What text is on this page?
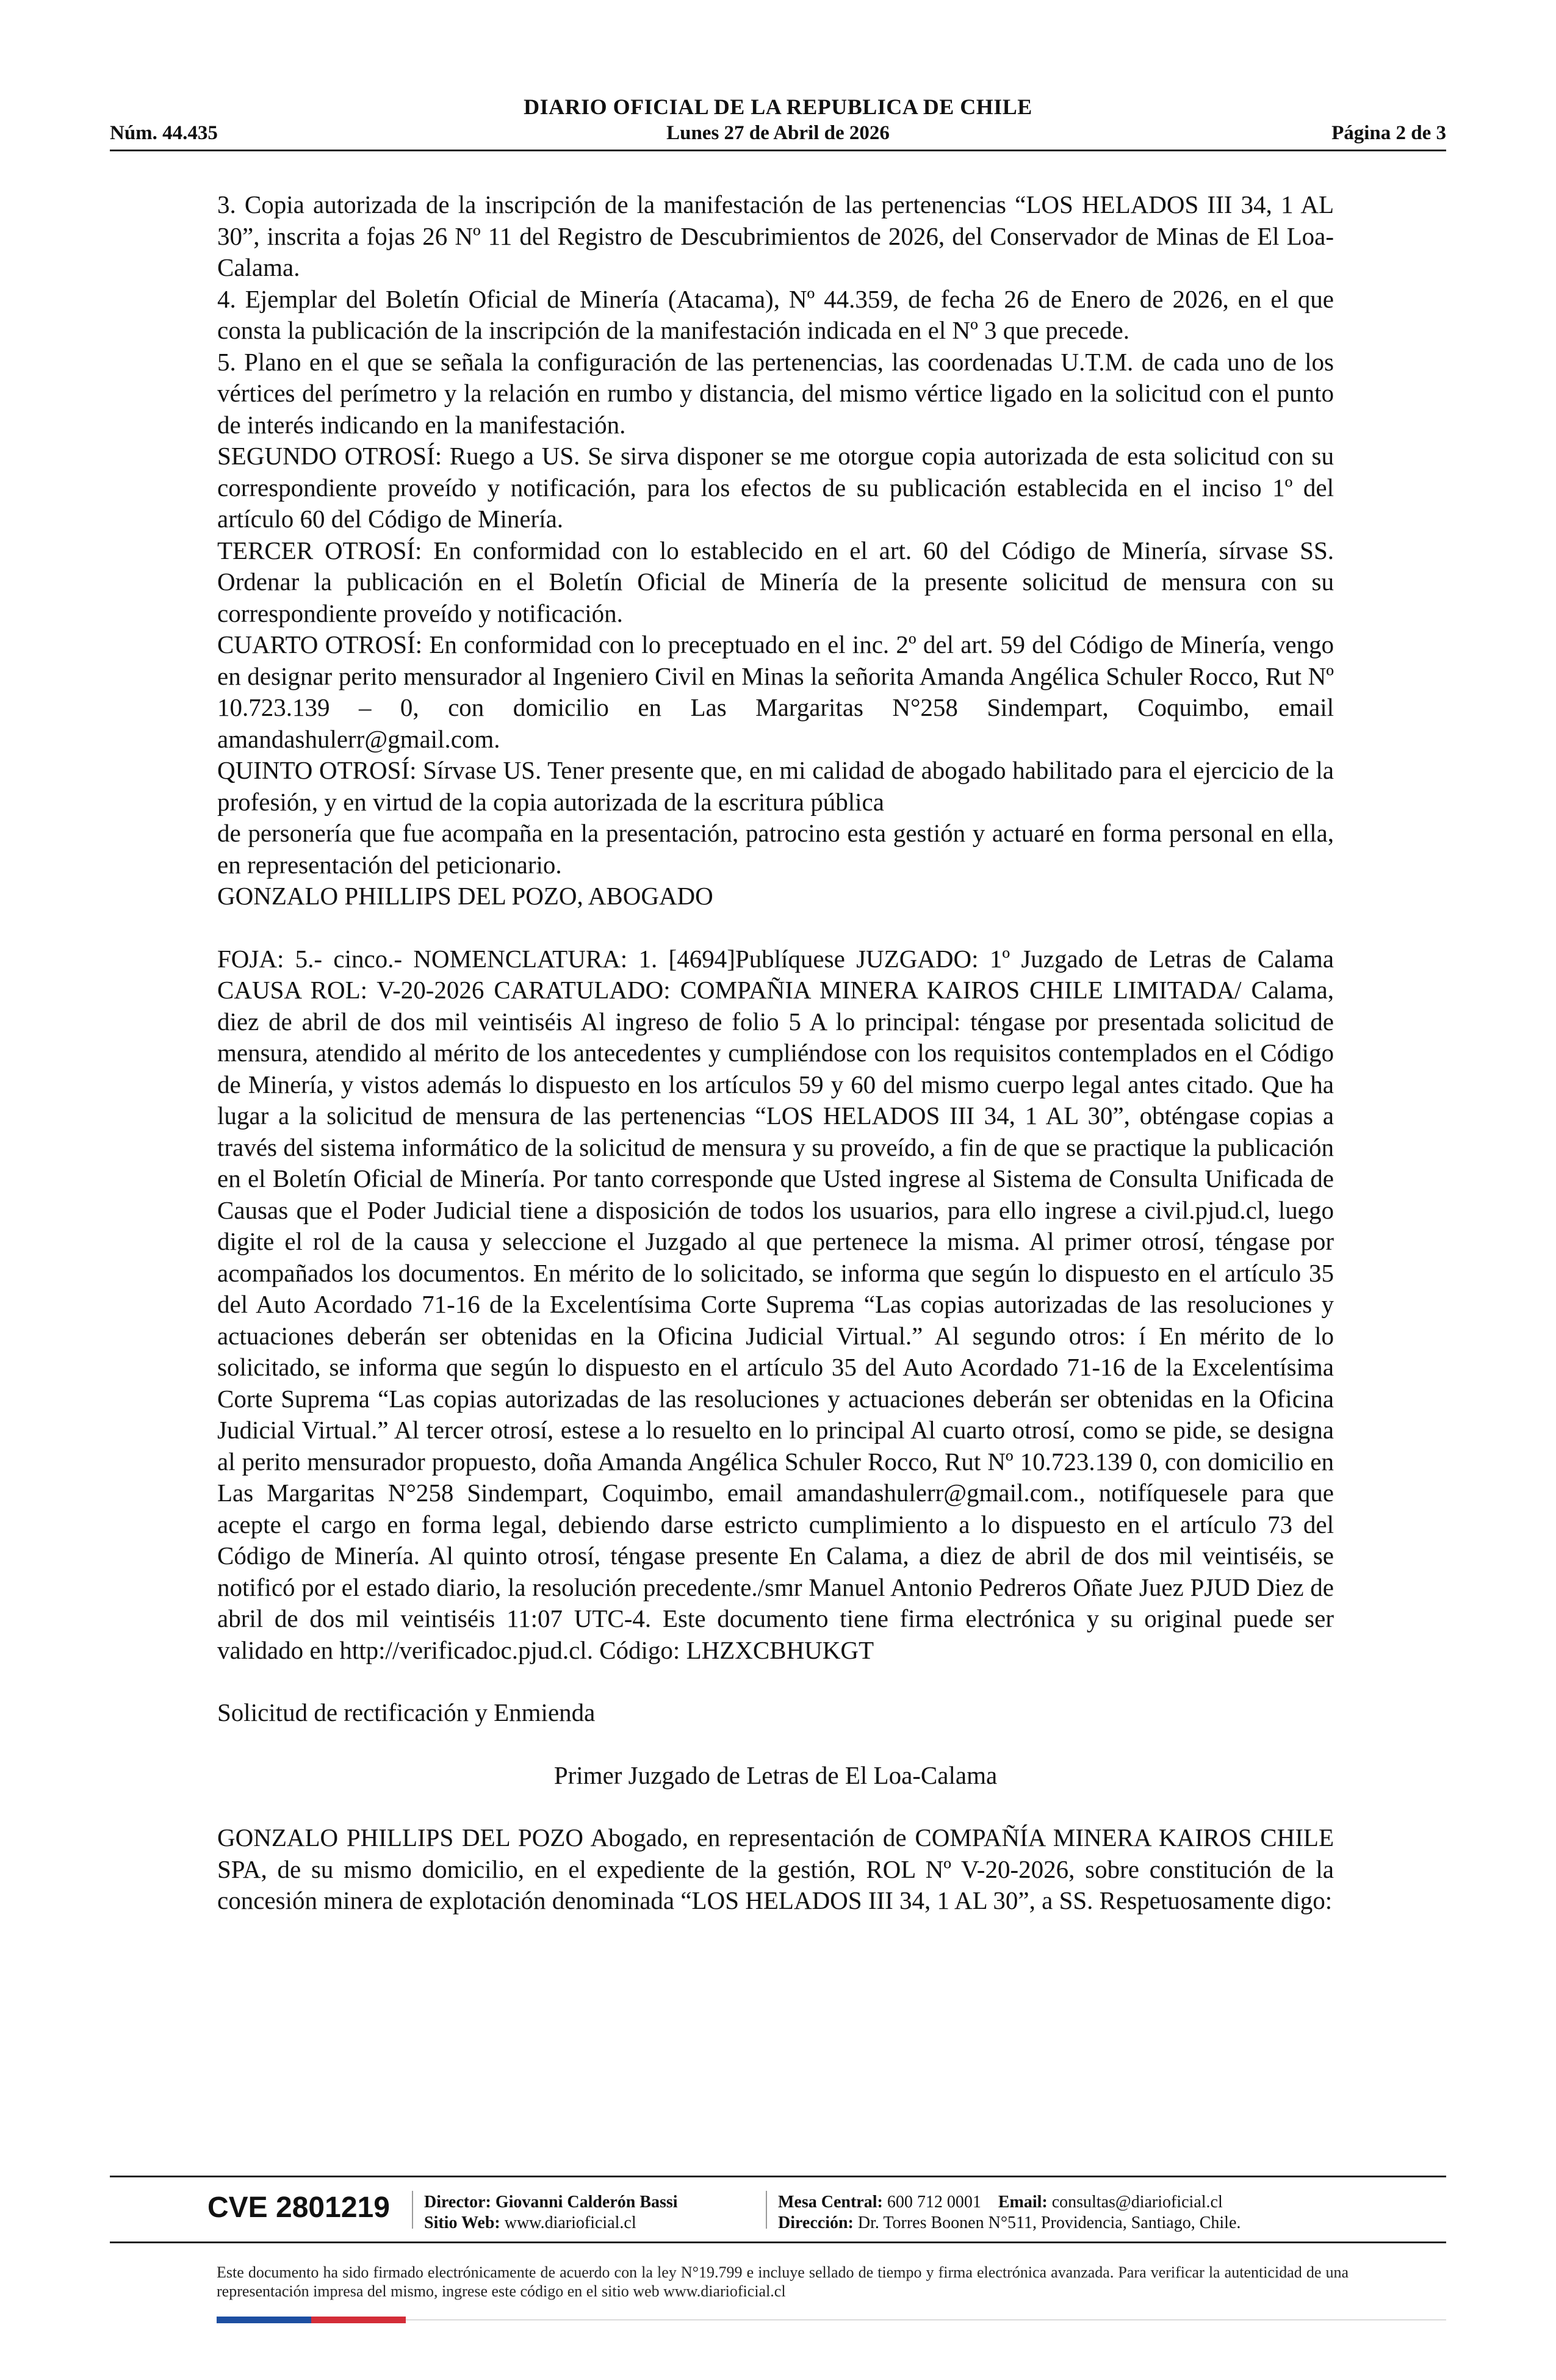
DIARIO OFICIAL DE LA REPUBLICA DE CHILE
Núm. 44.435	Lunes 27 de Abril de 2026	Página 2 de 3

3. Copia autorizada de la inscripción de la manifestación de las pertenencias “LOS HELADOS III 34, 1 AL 30”, inscrita a fojas 26 Nº 11 del Registro de Descubrimientos de 2026, del Conservador de Minas de El Loa-Calama.

4. Ejemplar del Boletín Oficial de Minería (Atacama), Nº 44.359, de fecha 26 de Enero de 2026, en el que consta la publicación de la inscripción de la manifestación indicada en el Nº 3 que precede.

5. Plano en el que se señala la configuración de las pertenencias, las coordenadas U.T.M. de cada uno de los vértices del perímetro y la relación en rumbo y distancia, del mismo vértice ligado en la solicitud con el punto de interés indicando en la manifestación.

SEGUNDO OTROSÍ: Ruego a US. Se sirva disponer se me otorgue copia autorizada de esta solicitud con su correspondiente proveído y notificación, para los efectos de su publicación establecida en el inciso 1º del artículo 60 del Código de Minería.

TERCER OTROSÍ: En conformidad con lo establecido en el art. 60 del Código de Minería, sírvase SS. Ordenar la publicación en el Boletín Oficial de Minería de la presente solicitud de mensura con su correspondiente proveído y notificación.

CUARTO OTROSÍ: En conformidad con lo preceptuado en el inc. 2º del art. 59 del Código de Minería, vengo en designar perito mensurador al Ingeniero Civil en Minas la señorita Amanda Angélica Schuler Rocco, Rut Nº 10.723.139 – 0, con domicilio en Las Margaritas N°258 Sindempart, Coquimbo, email amandashulerr@gmail.com.

QUINTO OTROSÍ: Sírvase US. Tener presente que, en mi calidad de abogado habilitado para el ejercicio de la profesión, y en virtud de la copia autorizada de la escritura pública

de personería que fue acompaña en la presentación, patrocino esta gestión y actuaré en forma personal en ella, en representación del peticionario.

GONZALO PHILLIPS DEL POZO, ABOGADO

FOJA: 5.- cinco.- NOMENCLATURA: 1. [4694]Publíquese JUZGADO: 1º Juzgado de Letras de Calama CAUSA ROL: V-20-2026 CARATULADO: COMPAÑIA MINERA KAIROS CHILE LIMITADA/ Calama, diez de abril de dos mil veintiséis Al ingreso de folio 5 A lo principal: téngase por presentada solicitud de mensura, atendido al mérito de los antecedentes y cumpliéndose con los requisitos contemplados en el Código de Minería, y vistos además lo dispuesto en los artículos 59 y 60 del mismo cuerpo legal antes citado. Que ha lugar a la solicitud de mensura de las pertenencias “LOS HELADOS III 34, 1 AL 30”, obténgase copias a través del sistema informático de la solicitud de mensura y su proveído, a fin de que se practique la publicación en el Boletín Oficial de Minería. Por tanto corresponde que Usted ingrese al Sistema de Consulta Unificada de Causas que el Poder Judicial tiene a disposición de todos los usuarios, para ello ingrese a civil.pjud.cl, luego digite el rol de la causa y seleccione el Juzgado al que pertenece la misma. Al primer otrosí, téngase por acompañados los documentos. En mérito de lo solicitado, se informa que según lo dispuesto en el artículo 35 del Auto Acordado 71-16 de la Excelentísima Corte Suprema “Las copias autorizadas de las resoluciones y actuaciones deberán ser obtenidas en la Oficina Judicial Virtual.” Al segundo otros: í En mérito de lo solicitado, se informa que según lo dispuesto en el artículo 35 del Auto Acordado 71-16 de la Excelentísima Corte Suprema “Las copias autorizadas de las resoluciones y actuaciones deberán ser obtenidas en la Oficina Judicial Virtual.” Al tercer otrosí, estese a lo resuelto en lo principal Al cuarto otrosí, como se pide, se designa al perito mensurador propuesto, doña Amanda Angélica Schuler Rocco, Rut Nº 10.723.139 0, con domicilio en Las Margaritas N°258 Sindempart, Coquimbo, email amandashulerr@gmail.com., notifíquesele para que acepte el cargo en forma legal, debiendo darse estricto cumplimiento a lo dispuesto en el artículo 73 del Código de Minería. Al quinto otrosí, téngase presente En Calama, a diez de abril de dos mil veintiséis, se notificó por el estado diario, la resolución precedente./smr Manuel Antonio Pedreros Oñate Juez PJUD Diez de abril de dos mil veintiséis 11:07 UTC-4. Este documento tiene firma electrónica y su original puede ser validado en http://verificadoc.pjud.cl. Código: LHZXCBHUKGT

Solicitud de rectificación y Enmienda

Primer Juzgado de Letras de El Loa-Calama

GONZALO PHILLIPS DEL POZO Abogado, en representación de COMPAÑÍA MINERA KAIROS CHILE SPA, de su mismo domicilio, en el expediente de la gestión, ROL Nº V-20-2026, sobre constitución de la concesión minera de explotación denominada “LOS HELADOS III 34, 1 AL 30”, a SS. Respetuosamente digo:

CVE 2801219 Director: Giovanni Calderón Bassi
Sitio Web: www.diarioficial.cl
Mesa Central: 600 712 0001 Email: consultas@diarioficial.cl
Dirección: Dr. Torres Boonen N°511, Providencia, Santiago, Chile.
Este documento ha sido firmado electrónicamente de acuerdo con la ley N°19.799 e incluye sellado de tiempo y firma electrónica avanzada. Para verificar la autenticidad de una representación impresa del mismo, ingrese este código en el sitio web www.diarioficial.cl
